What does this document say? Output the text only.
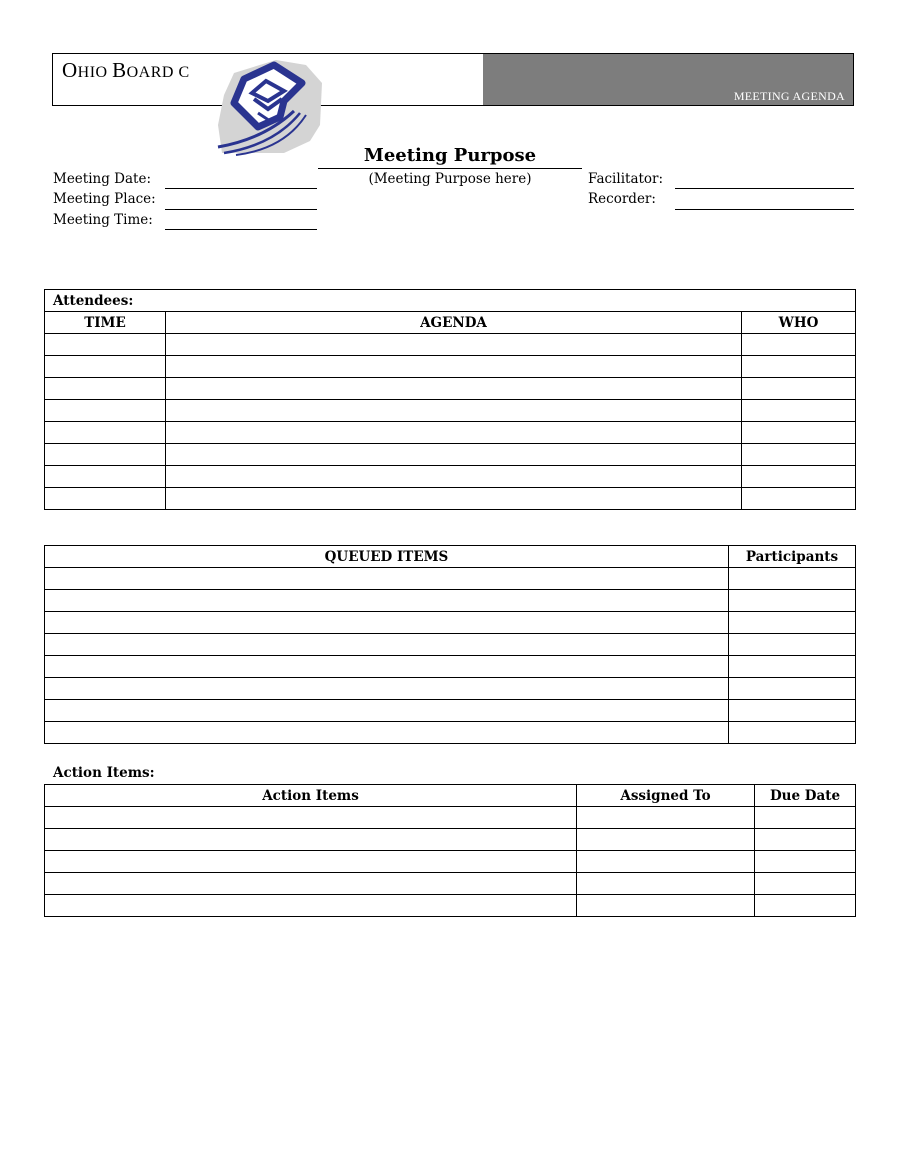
OHIO BOARD C
MEETING AGENDA
Meeting Purpose
(Meeting Purpose here)
Meeting Date:
Meeting Place:
Meeting Time:
Facilitator:
Recorder:
Attendees:		
TIME	AGENDA	WHO

QUEUED ITEMS	Participants

Action Items:
Action Items	Assigned To	Due Date
